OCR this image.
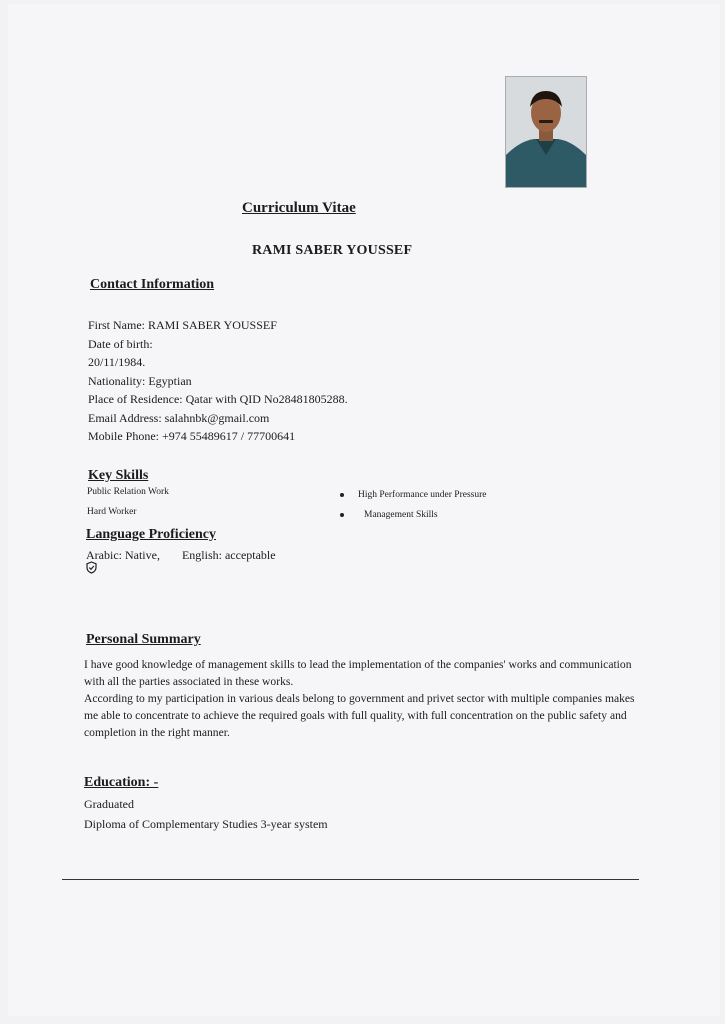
Curriculum Vitae
RAMI SABER YOUSSEF
Contact Information
First Name: RAMI SABER YOUSSEF
Date of birth:
20/11/1984.
Nationality: Egyptian
Place of Residence: Qatar with QID No28481805288.
Email Address: salahnbk@gmail.com
Mobile Phone: +974 55489617 / 77700641
Key Skills
Public Relation Work
Hard Worker
High Performance under Pressure
Management Skills
Language Proficiency
Arabic: Native, English: acceptable
Personal Summary

I have good knowledge of management skills to lead the implementation of the companies' works and communication with all the parties associated in these works.

According to my participation in various deals belong to government and privet sector with multiple companies makes me able to concentrate to achieve the required goals with full quality, with full concentration on the public safety and completion in the right manner.

Education: -
Graduated
Diploma of Complementary Studies 3-year system
